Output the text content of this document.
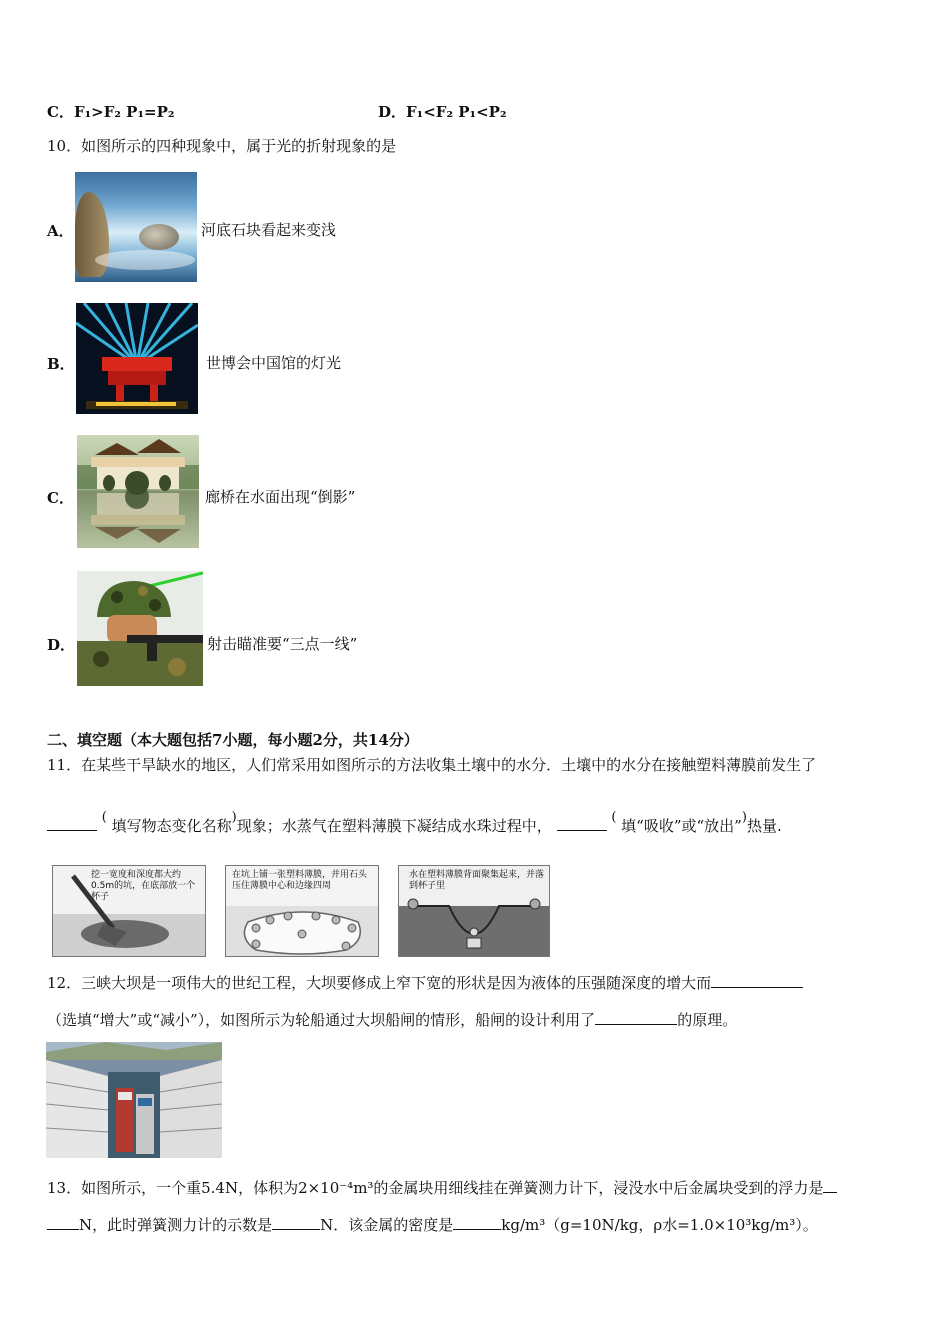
C．F₁>F₂ P₁=P₂	D．F₁<F₂ P₁<P₂
10．如图所示的四种现象中，属于光的折射现象的是
A．	河底石块看起来变浅
B．	世博会中国馆的灯光
C．	廊桥在水面出现“倒影”
D．	射击瞄准要“三点一线”
二、填空题（本大题包括7小题，每小题2分，共14分）
11．在某些干旱缺水的地区，人们常采用如图所示的方法收集土壤中的水分．土壤中的水分在接触塑料薄膜前发生了
( 填写物态变化名称)现象；水蒸气在塑料薄膜下凝结成水珠过程中，	( 填“吸收”或“放出”)热量.
挖一宽度和深度都大约0.5m的坑，在底部放一个杯子
在坑上铺一张塑料薄膜，并用石头压住薄膜中心和边缘四周
水在塑料薄膜背面聚集起来，并落到杯子里
12．三峡大坝是一项伟大的世纪工程，大坝要修成上窄下宽的形状是因为液体的压强随深度的增大而
（选填“增大”或“减小”），如图所示为轮船通过大坝船闸的情形，船闸的设计利用了	的原理。
13．如图所示，一个重5.4N，体积为2×10⁻⁴m³的金属块用细线挂在弹簧测力计下，浸没水中后金属块受到的浮力是
N，此时弹簧测力计的示数是	N．该金属的密度是	kg/m³（g=10N/kg，ρ水=1.0×10³kg/m³）。
